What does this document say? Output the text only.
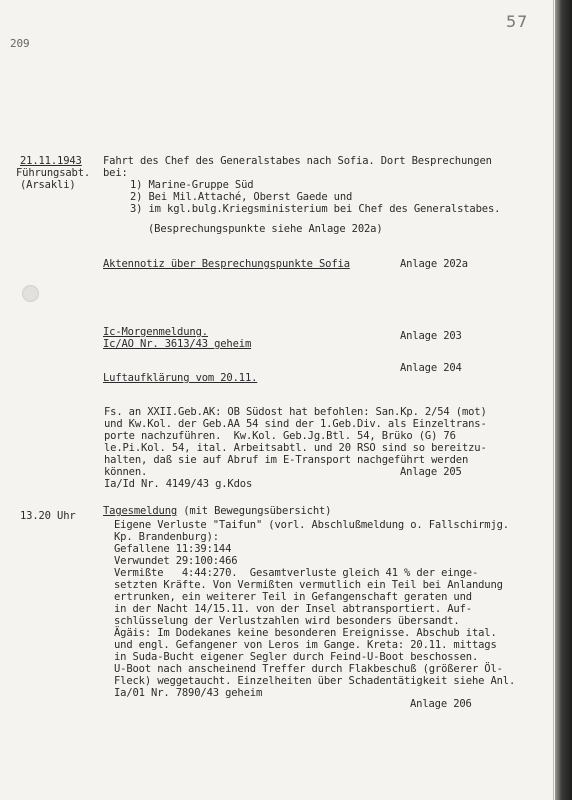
57
209
21.11.1943
Führungsabt.
(Arsakli)
Fahrt des Chef des Generalstabes nach Sofia. Dort Besprechungen
bei:
1) Marine-Gruppe Süd
2) Bei Mil.Attaché, Oberst Gaede und
3) im kgl.bulg.Kriegsministerium bei Chef des Generalstabes.
(Besprechungspunkte siehe Anlage 202a)
Aktennotiz über Besprechungspunkte Sofia	Anlage 202a
Ic-Morgenmeldung.
Ic/AO Nr. 3613/43 geheim
Anlage 203
Luftaufklärung vom 20.11.
Anlage 204
Fs. an XXII.Geb.AK: OB Südost hat befohlen: San.Kp. 2/54 (mot)
und Kw.Kol. der Geb.AA 54 sind der 1.Geb.Div. als Einzeltrans-
porte nachzuführen.  Kw.Kol. Geb.Jg.Btl. 54, Brüko (G) 76
le.Pi.Kol. 54, ital. Arbeitsabtl. und 20 RSO sind so bereitzu-
halten, daß sie auf Abruf im E-Transport nachgeführt werden
können.
Ia/Id Nr. 4149/43 g.Kdos
Anlage 205
13.20 Uhr	Tagesmeldung (mit Bewegungsübersicht)
Eigene Verluste "Taifun" (vorl. Abschlußmeldung o. Fallschirmjg.
Kp. Brandenburg):
Gefallene 11:39:144
Verwundet 29:100:466
Vermißte   4:44:270.  Gesamtverluste gleich 41 % der einge-
setzten Kräfte. Von Vermißten vermutlich ein Teil bei Anlandung
ertrunken, ein weiterer Teil in Gefangenschaft geraten und
in der Nacht 14/15.11. von der Insel abtransportiert. Auf-
schlüsselung der Verlustzahlen wird besonders übersandt.
Ägäis: Im Dodekanes keine besonderen Ereignisse. Abschub ital.
und engl. Gefangener von Leros im Gange. Kreta: 20.11. mittags
in Suda-Bucht eigener Segler durch Feind-U-Boot beschossen.
U-Boot nach anscheinend Treffer durch Flakbeschuß (größerer Öl-
Fleck) weggetaucht. Einzelheiten über Schadentätigkeit siehe Anl.
Ia/01 Nr. 7890/43 geheim
Anlage 206
